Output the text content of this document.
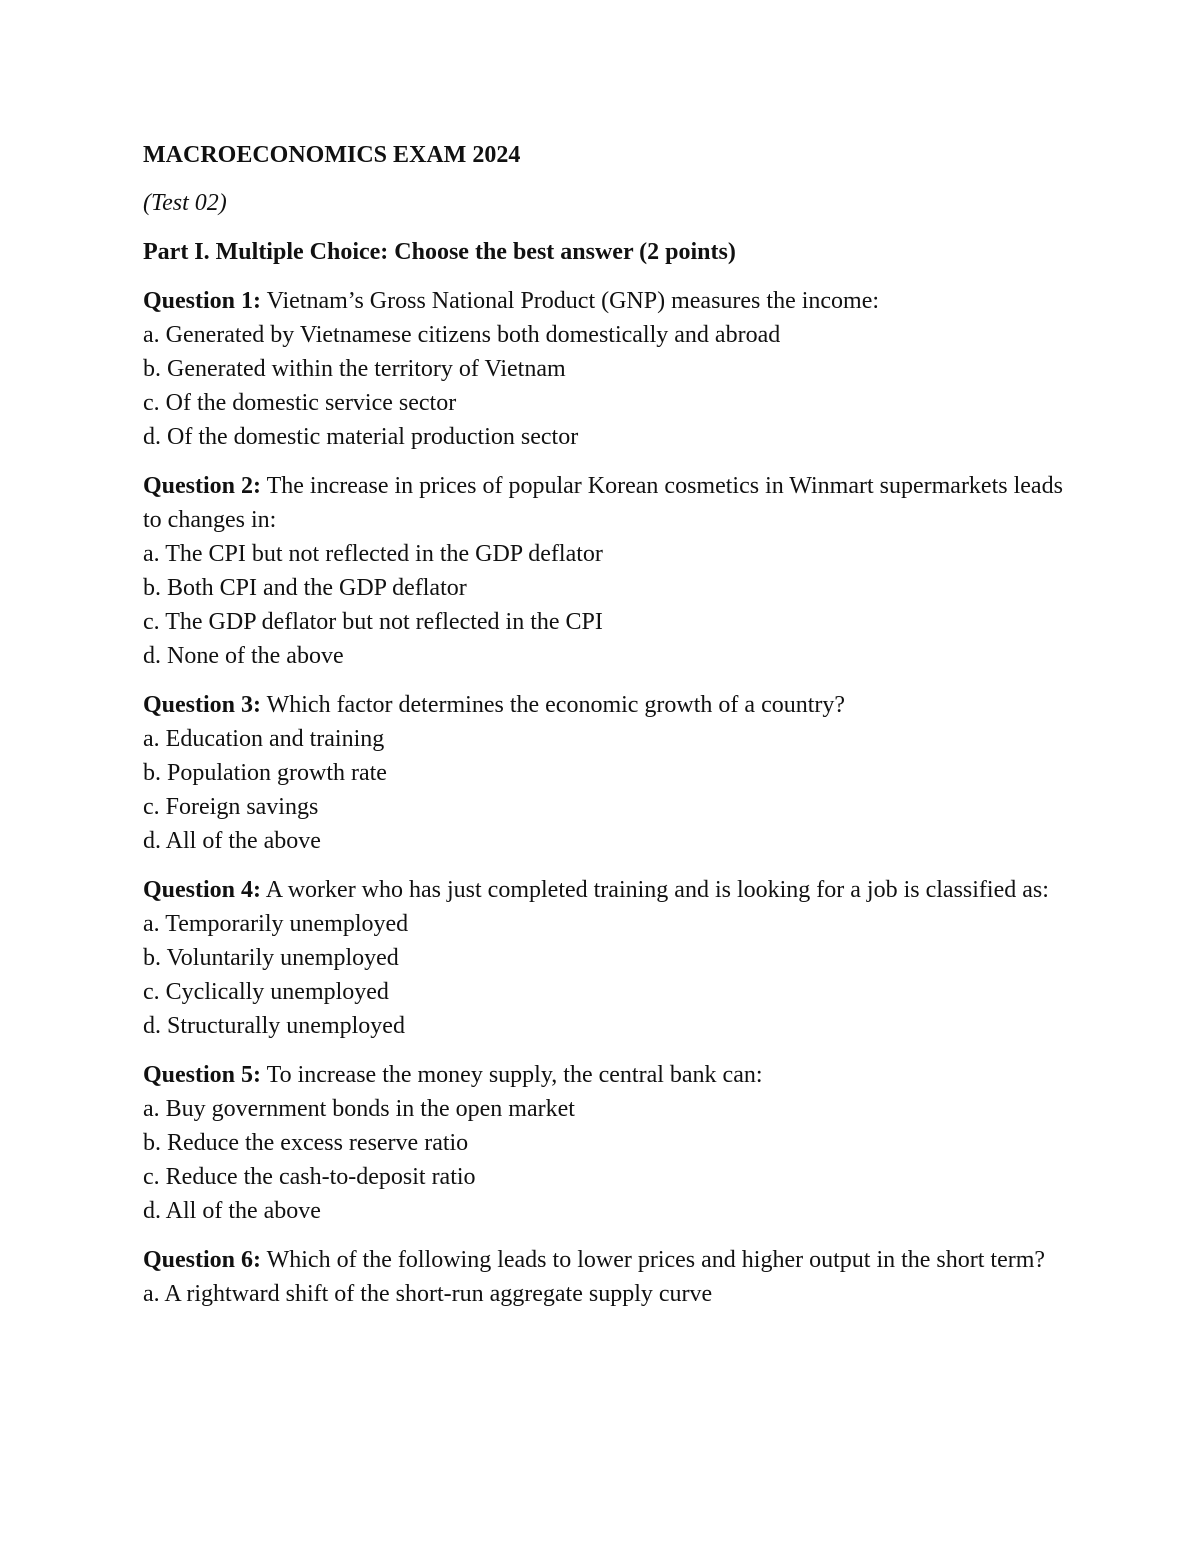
MACROECONOMICS EXAM 2024

(Test 02)

Part I. Multiple Choice: Choose the best answer (2 points)

Question 1: Vietnam’s Gross National Product (GNP) measures the income:

a. Generated by Vietnamese citizens both domestically and abroad

b. Generated within the territory of Vietnam

c. Of the domestic service sector

d. Of the domestic material production sector

Question 2: The increase in prices of popular Korean cosmetics in Winmart supermarkets leads to changes in:

a. The CPI but not reflected in the GDP deflator

b. Both CPI and the GDP deflator

c. The GDP deflator but not reflected in the CPI

d. None of the above

Question 3: Which factor determines the economic growth of a country?

a. Education and training

b. Population growth rate

c. Foreign savings

d. All of the above

Question 4: A worker who has just completed training and is looking for a job is classified as:

a. Temporarily unemployed

b. Voluntarily unemployed

c. Cyclically unemployed

d. Structurally unemployed

Question 5: To increase the money supply, the central bank can:

a. Buy government bonds in the open market

b. Reduce the excess reserve ratio

c. Reduce the cash-to-deposit ratio

d. All of the above

Question 6: Which of the following leads to lower prices and higher output in the short term?

a. A rightward shift of the short-run aggregate supply curve
